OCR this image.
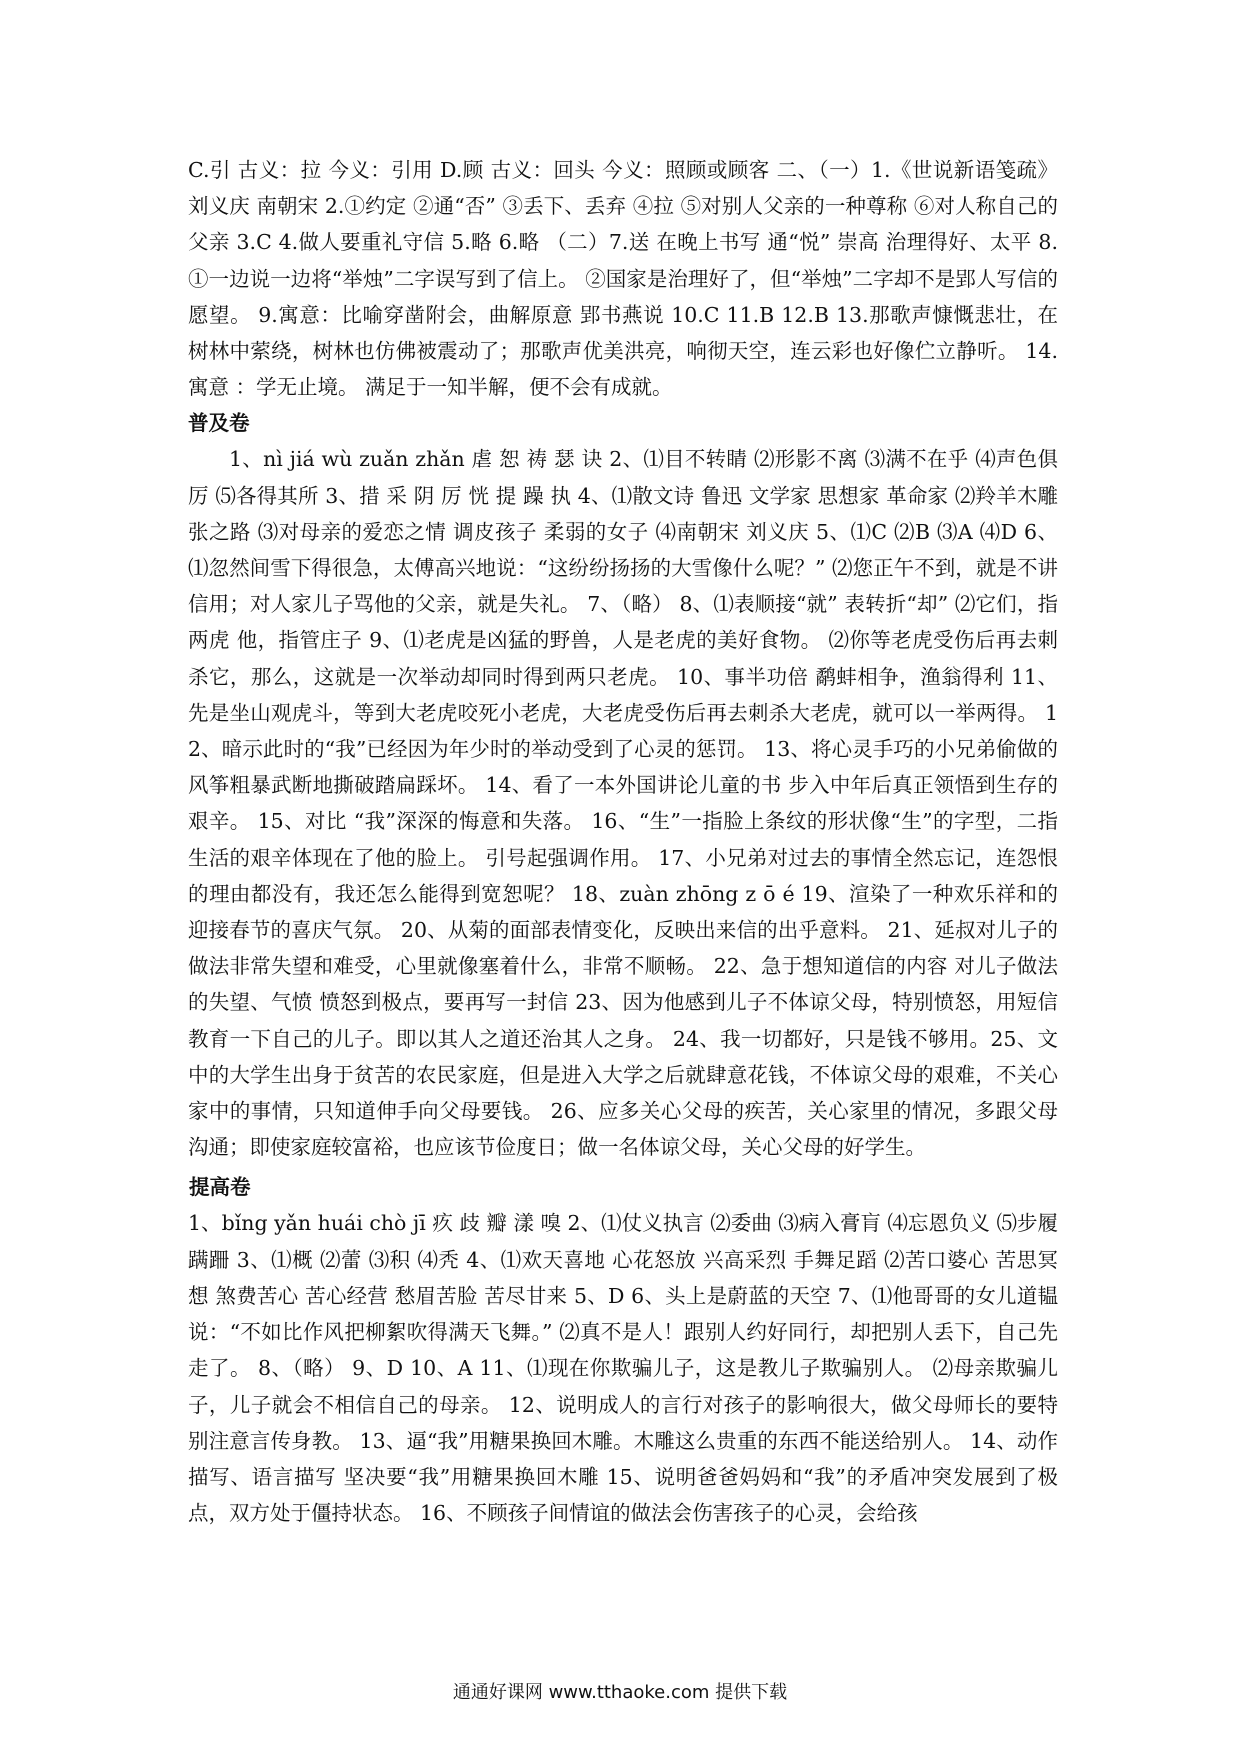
C.引 古义：拉 今义：引用 D.顾 古义：回头 今义：照顾或顾客 二、（一）1.《世说新语笺疏》 刘义庆 南朝宋 2.①约定 ②通“否” ③丢下、丢弃 ④拉 ⑤对别人父亲的一种尊称 ⑥对人称自己的父亲 3.C 4.做人要重礼守信 5.略 6.略 （二）7.送 在晚上书写 通“悦” 崇高 治理得好、太平 8. ①一边说一边将“举烛”二字误写到了信上。 ②国家是治理好了，但“举烛”二字却不是郢人写信的愿望。 9.寓意：比喻穿凿附会，曲解原意 郢书燕说 10.C 11.B 12.B 13.那歌声慷慨悲壮，在树林中萦绕，树林也仿佛被震动了；那歌声优美洪亮，响彻天空，连云彩也好像伫立静听。 14.寓意 ：学无止境。 满足于一知半解，便不会有成就。

普及卷

1、nì jiá wù zuǎn zhǎn 虐 恕 祷 瑟 诀 2、⑴目不转睛 ⑵形影不离 ⑶满不在乎 ⑷声色俱厉 ⑸各得其所 3、措 采 阴 厉 恍 提 躁 执 4、⑴散文诗 鲁迅 文学家 思想家 革命家 ⑵羚羊木雕 张之路 ⑶对母亲的爱恋之情 调皮孩子 柔弱的女子 ⑷南朝宋 刘义庆 5、⑴C ⑵B ⑶A ⑷D 6、⑴忽然间雪下得很急，太傅高兴地说：“这纷纷扬扬的大雪像什么呢？” ⑵您正午不到，就是不讲信用；对人家儿子骂他的父亲，就是失礼。 7、（略） 8、⑴表顺接“就” 表转折“却” ⑵它们，指两虎 他，指管庄子 9、⑴老虎是凶猛的野兽，人是老虎的美好食物。 ⑵你等老虎受伤后再去刺杀它，那么，这就是一次举动却同时得到两只老虎。 10、事半功倍 鹬蚌相争，渔翁得利 11、先是坐山观虎斗，等到大老虎咬死小老虎，大老虎受伤后再去刺杀大老虎，就可以一举两得。 12、暗示此时的“我”已经因为年少时的举动受到了心灵的惩罚。 13、将心灵手巧的小兄弟偷做的风筝粗暴武断地撕破踏扁踩坏。 14、看了一本外国讲论儿童的书 步入中年后真正领悟到生存的艰辛。 15、对比 “我”深深的悔意和失落。 16、“生”一指脸上条纹的形状像“生”的字型，二指生活的艰辛体现在了他的脸上。 引号起强调作用。 17、小兄弟对过去的事情全然忘记，连怨恨的理由都没有，我还怎么能得到宽恕呢？ 18、zuàn zhōng z ō é 19、渲染了一种欢乐祥和的迎接春节的喜庆气氛。 20、从菊的面部表情变化，反映出来信的出乎意料。 21、延叔对儿子的做法非常失望和难受，心里就像塞着什么，非常不顺畅。 22、急于想知道信的内容 对儿子做法的失望、气愤 愤怒到极点，要再写一封信 23、因为他感到儿子不体谅父母，特别愤怒，用短信教育一下自己的儿子。即以其人之道还治其人之身。 24、我一切都好，只是钱不够用。25、文中的大学生出身于贫苦的农民家庭，但是进入大学之后就肆意花钱，不体谅父母的艰难，不关心家中的事情，只知道伸手向父母要钱。 26、应多关心父母的疾苦，关心家里的情况，多跟父母沟通；即使家庭较富裕，也应该节俭度日；做一名体谅父母，关心父母的好学生。

提高卷

1、bǐng yǎn huái chò jī 疚 歧 瓣 漾 嗅 2、⑴仗义执言 ⑵委曲 ⑶病入膏肓 ⑷忘恩负义 ⑸步履蹒跚 3、⑴概 ⑵蕾 ⑶积 ⑷秃 4、⑴欢天喜地 心花怒放 兴高采烈 手舞足蹈 ⑵苦口婆心 苦思冥想 煞费苦心 苦心经营 愁眉苦脸 苦尽甘来 5、D 6、头上是蔚蓝的天空 7、⑴他哥哥的女儿道韫说：“不如比作风把柳絮吹得满天飞舞。” ⑵真不是人！跟别人约好同行，却把别人丢下，自己先走了。 8、（略） 9、D 10、A 11、⑴现在你欺骗儿子，这是教儿子欺骗别人。 ⑵母亲欺骗儿子，儿子就会不相信自己的母亲。 12、说明成人的言行对孩子的影响很大，做父母师长的要特别注意言传身教。 13、逼“我”用糖果换回木雕。木雕这么贵重的东西不能送给别人。 14、动作描写、语言描写 坚决要“我”用糖果换回木雕 15、说明爸爸妈妈和“我”的矛盾冲突发展到了极点，双方处于僵持状态。 16、不顾孩子间情谊的做法会伤害孩子的心灵，会给孩

通通好课网 www.tthaoke.com 提供下载
